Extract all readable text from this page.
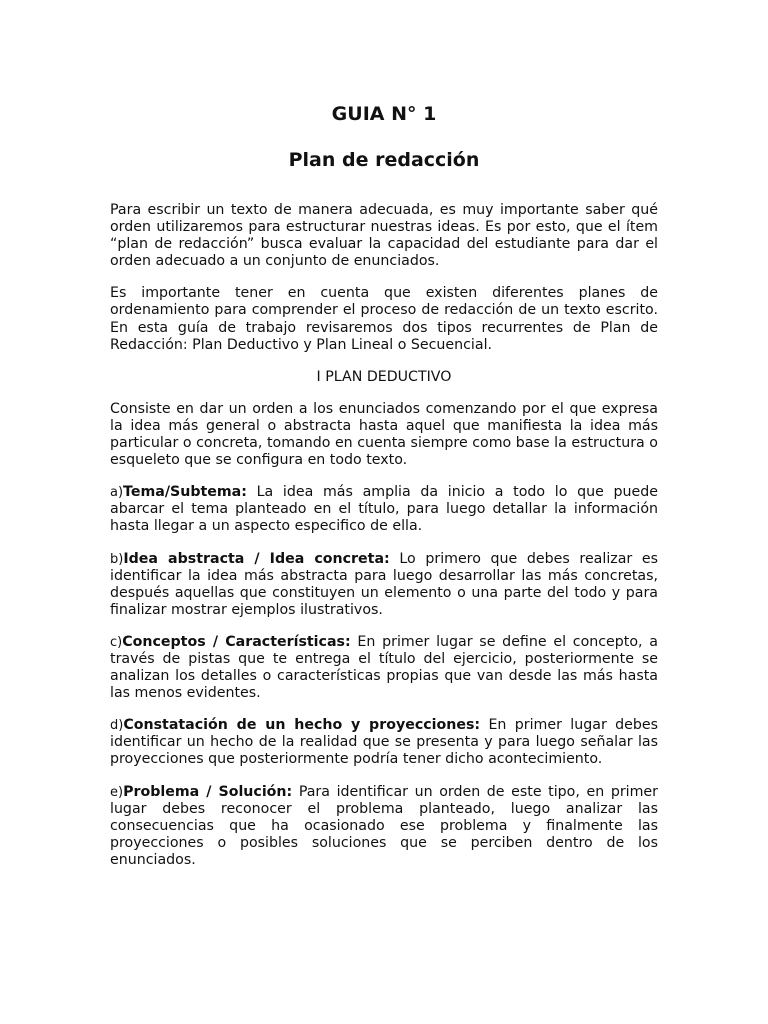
GUIA N° 1
Plan de redacción

Para escribir un texto de manera adecuada, es muy importante saber qué orden utilizaremos para estructurar nuestras ideas. Es por esto, que el ítem “plan de redacción” busca evaluar la capacidad del estudiante para dar el orden adecuado a un conjunto de enunciados.

Es importante tener en cuenta que existen diferentes planes de ordenamiento para comprender el proceso de redacción de un texto escrito. En esta guía de trabajo revisaremos dos tipos recurrentes de Plan de Redacción: Plan Deductivo y Plan Lineal o Secuencial.

I PLAN DEDUCTIVO

Consiste en dar un orden a los enunciados comenzando por el que expresa la idea más general o abstracta hasta aquel que manifiesta la idea más particular o concreta, tomando en cuenta siempre como base la estructura o esqueleto que se configura en todo texto.

a)Tema/Subtema: La idea más amplia da inicio a todo lo que puede abarcar el tema planteado en el título, para luego detallar la información hasta llegar a un aspecto especifico de ella.

b)Idea abstracta / Idea concreta: Lo primero que debes realizar es identificar la idea más abstracta para luego desarrollar las más concretas, después aquellas que constituyen un elemento o una parte del todo y para finalizar mostrar ejemplos ilustrativos.

c)Conceptos / Características: En primer lugar se define el concepto, a través de pistas que te entrega el título del ejercicio, posteriormente se analizan los detalles o características propias que van desde las más hasta las menos evidentes.

d)Constatación de un hecho y proyecciones: En primer lugar debes identificar un hecho de la realidad que se presenta y para luego señalar las proyecciones que posteriormente podría tener dicho acontecimiento.

e)Problema / Solución: Para identificar un orden de este tipo, en primer lugar debes reconocer el problema planteado, luego analizar las consecuencias que ha ocasionado ese problema y finalmente las proyecciones o posibles soluciones que se perciben dentro de los enunciados.
